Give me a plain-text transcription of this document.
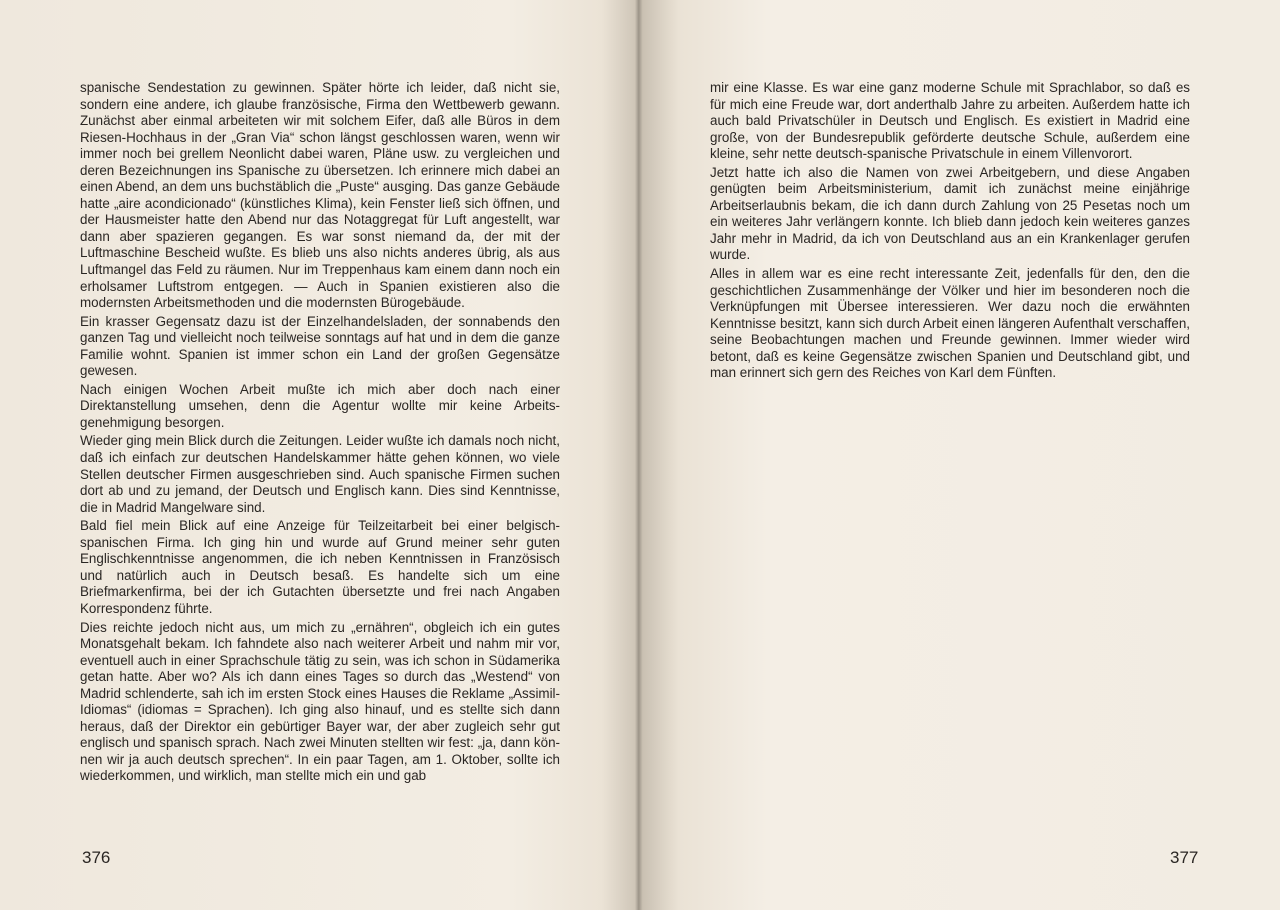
spanische Sendestation zu gewinnen. Später hörte ich leider, daß nicht sie, sondern eine andere, ich glaube französische, Firma den Wettbewerb gewann. Zunächst aber einmal arbeiteten wir mit solchem Eifer, daß alle Büros in dem Riesen-Hochhaus in der „Gran Via“ schon längst geschlossen waren, wenn wir immer noch bei grellem Neonlicht dabei waren, Pläne usw. zu vergleichen und deren Bezeichnungen ins Spanische zu übersetzen. Ich erinnere mich dabei an einen Abend, an dem uns buchstäblich die „Puste“ ausging. Das ganze Gebäude hatte „aire acondicionado“ (künstliches Klima), kein Fenster ließ sich öffnen, und der Hausmeister hatte den Abend nur das Notaggregat für Luft angestellt, war dann aber spazieren gegangen. Es war sonst niemand da, der mit der Luftmaschine Bescheid wußte. Es blieb uns also nichts anderes übrig, als aus Luftmangel das Feld zu räumen. Nur im Treppenhaus kam einem dann noch ein erholsamer Luftstrom entgegen. — Auch in Spanien existieren also die modernsten Arbeitsmethoden und die modernsten Bürogebäude.

Ein krasser Gegensatz dazu ist der Einzelhandelsladen, der sonnabends den ganzen Tag und vielleicht noch teilweise sonntags auf hat und in dem die ganze Familie wohnt. Spanien ist immer schon ein Land der großen Gegensätze gewesen.

Nach einigen Wochen Arbeit mußte ich mich aber doch nach einer Direktanstellung umsehen, denn die Agentur wollte mir keine Arbeitsgenehmigung besorgen.

Wieder ging mein Blick durch die Zeitungen. Leider wußte ich damals noch nicht, daß ich einfach zur deutschen Handelskammer hätte gehen können, wo viele Stellen deutscher Firmen ausgeschrieben sind. Auch spanische Firmen suchen dort ab und zu jemand, der Deutsch und Englisch kann. Dies sind Kenntnisse, die in Madrid Mangelware sind.

Bald fiel mein Blick auf eine Anzeige für Teilzeitarbeit bei einer belgisch-spanischen Firma. Ich ging hin und wurde auf Grund meiner sehr guten Englischkenntnisse angenommen, die ich neben Kenntnissen in Französisch und natürlich auch in Deutsch besaß. Es handelte sich um eine Briefmarkenfirma, bei der ich Gutachten übersetzte und frei nach Angaben Korrespondenz führte.

Dies reichte jedoch nicht aus, um mich zu „ernähren“, obgleich ich ein gutes Monatsgehalt bekam. Ich fahndete also nach weiterer Arbeit und nahm mir vor, eventuell auch in einer Sprachschule tätig zu sein, was ich schon in Südamerika getan hatte. Aber wo? Als ich dann eines Tages so durch das „Westend“ von Madrid schlenderte, sah ich im ersten Stock eines Hauses die Reklame „Assimil-Idiomas“ (idiomas = Sprachen). Ich ging also hinauf, und es stellte sich dann heraus, daß der Direktor ein gebürtiger Bayer war, der aber zugleich sehr gut englisch und spanisch sprach. Nach zwei Minuten stellten wir fest: „ja, dann können wir ja auch deutsch sprechen“. In ein paar Tagen, am 1. Oktober, sollte ich wiederkommen, und wirklich, man stellte mich ein und gab

376

mir eine Klasse. Es war eine ganz moderne Schule mit Sprachlabor, so daß es für mich eine Freude war, dort anderthalb Jahre zu arbeiten. Außerdem hatte ich auch bald Privatschüler in Deutsch und Englisch. Es existiert in Madrid eine große, von der Bundesrepublik geförderte deutsche Schule, außerdem eine kleine, sehr nette deutsch-spanische Privatschule in einem Villenvorort.

Jetzt hatte ich also die Namen von zwei Arbeitgebern, und diese Angaben genügten beim Arbeitsministerium, damit ich zunächst meine einjährige Arbeitserlaubnis bekam, die ich dann durch Zahlung von 25 Pesetas noch um ein weiteres Jahr verlängern konnte. Ich blieb dann jedoch kein weiteres ganzes Jahr mehr in Madrid, da ich von Deutschland aus an ein Krankenlager gerufen wurde.

Alles in allem war es eine recht interessante Zeit, jedenfalls für den, den die geschichtlichen Zusammenhänge der Völker und hier im besonderen noch die Verknüpfungen mit Übersee interessieren. Wer dazu noch die erwähnten Kenntnisse besitzt, kann sich durch Arbeit einen längeren Aufenthalt verschaffen, seine Beobachtungen machen und Freunde gewinnen. Immer wieder wird betont, daß es keine Gegensätze zwischen Spanien und Deutschland gibt, und man erinnert sich gern des Reiches von Karl dem Fünften.

377
